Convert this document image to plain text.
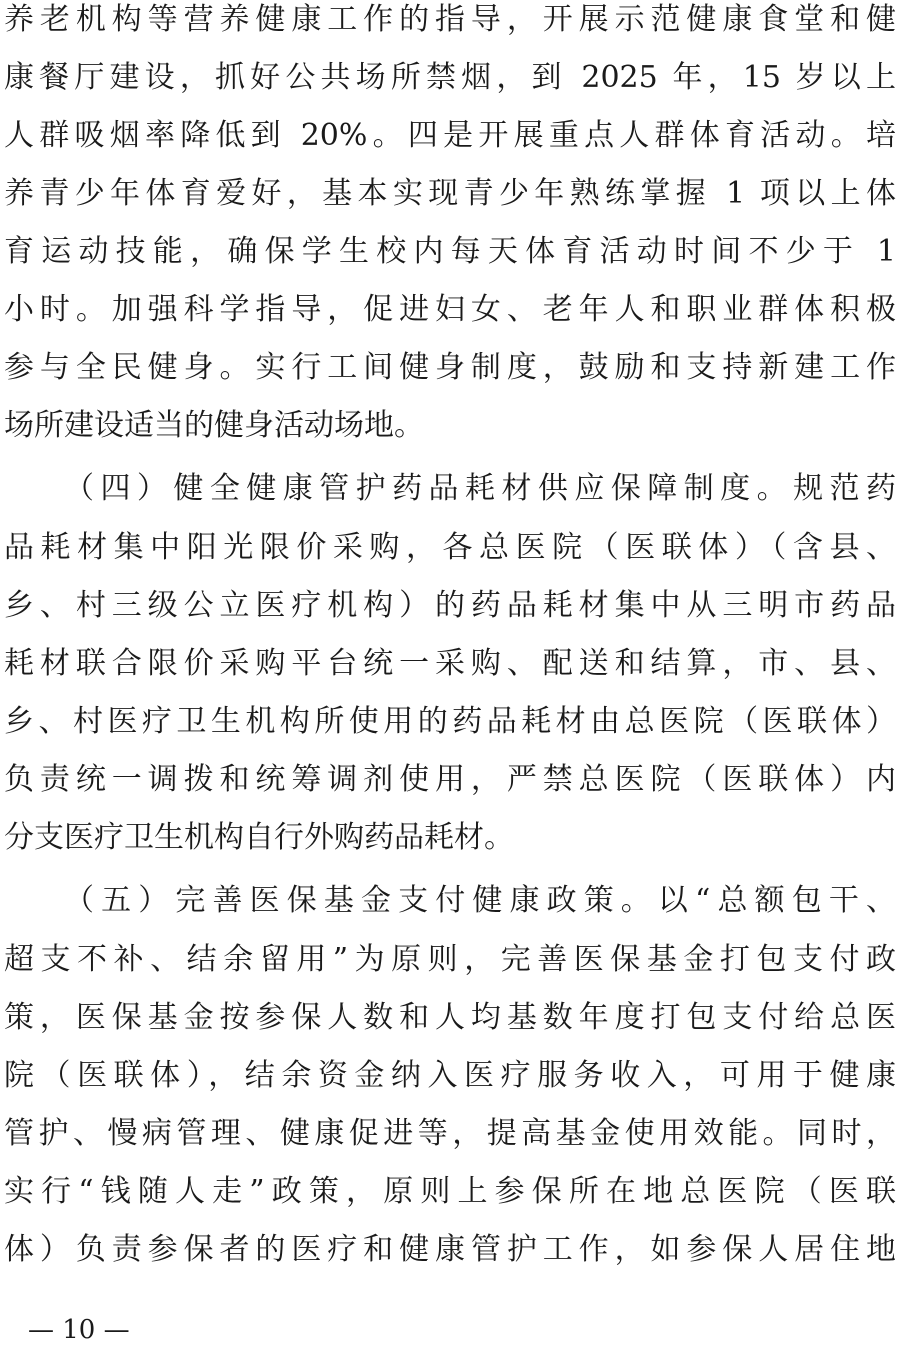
养老机构等营养健康工作的指导，开展示范健康食堂和健
康餐厅建设，抓好公共场所禁烟，到 2025 年，15 岁以上
人群吸烟率降低到 20%。四是开展重点人群体育活动。培
养青少年体育爱好，基本实现青少年熟练掌握 1 项以上体
育运动技能，确保学生校内每天体育活动时间不少于 1
小时。加强科学指导，促进妇女、老年人和职业群体积极
参与全民健身。实行工间健身制度，鼓励和支持新建工作
场所建设适当的健身活动场地。
（四）健全健康管护药品耗材供应保障制度。规范药
品耗材集中阳光限价采购，各总医院（医联体）（含县、
乡、村三级公立医疗机构）的药品耗材集中从三明市药品
耗材联合限价采购平台统一采购、配送和结算，市、县、
乡、村医疗卫生机构所使用的药品耗材由总医院（医联体）
负责统一调拨和统筹调剂使用，严禁总医院（医联体）内
分支医疗卫生机构自行外购药品耗材。
（五）完善医保基金支付健康政策。以“总额包干、
超支不补、结余留用”为原则，完善医保基金打包支付政
策，医保基金按参保人数和人均基数年度打包支付给总医
院（医联体），结余资金纳入医疗服务收入，可用于健康
管护、慢病管理、健康促进等，提高基金使用效能。同时，
实行“钱随人走”政策，原则上参保所在地总医院（医联
体）负责参保者的医疗和健康管护工作，如参保人居住地
— 10 —
